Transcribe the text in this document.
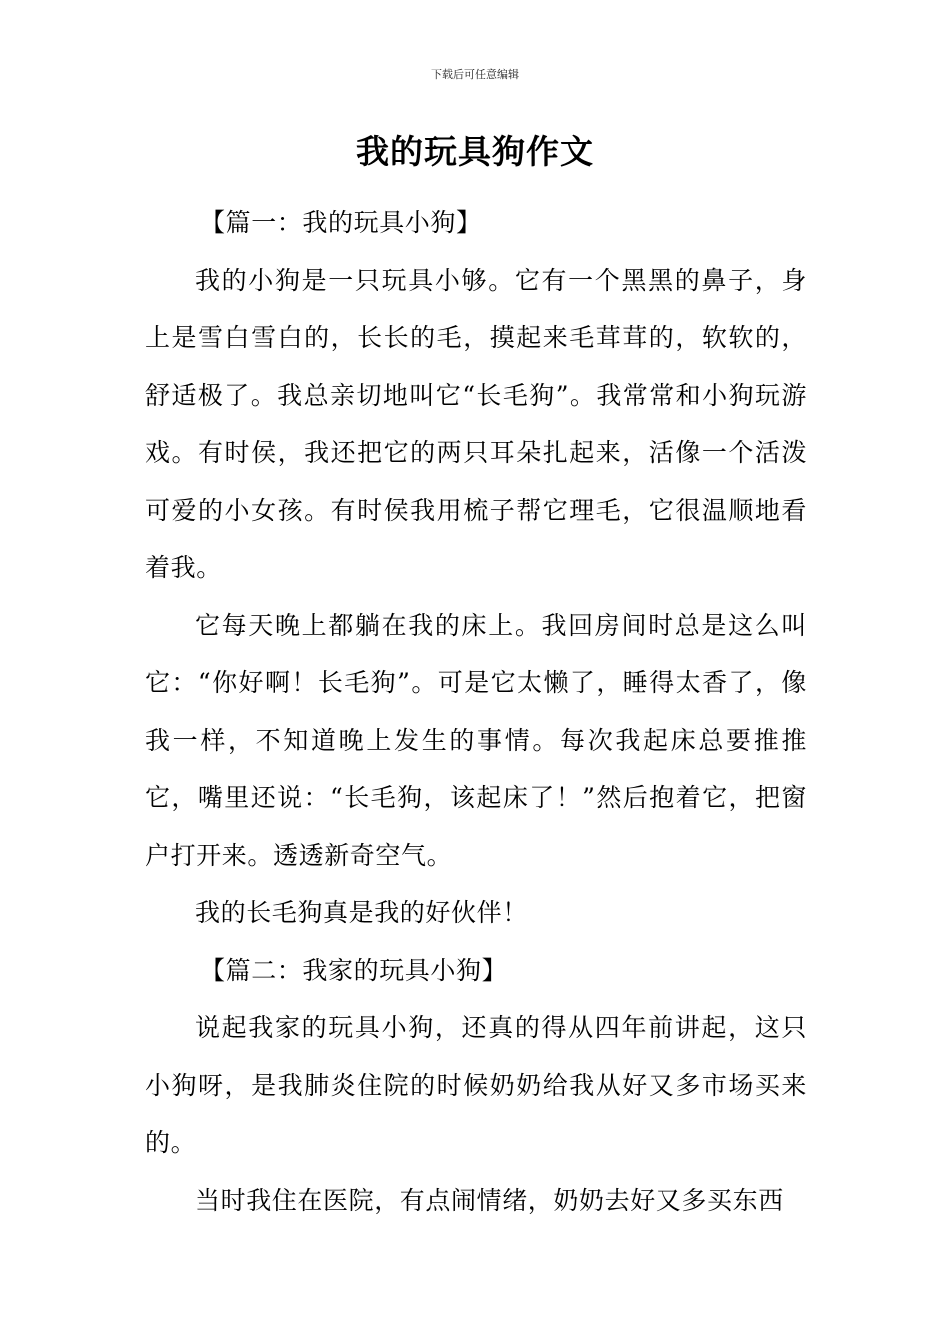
下载后可任意编辑
我的玩具狗作文

【篇一：我的玩具小狗】

我的小狗是一只玩具小够。它有一个黑黑的鼻子，身上是雪白雪白的，长长的毛，摸起来毛茸茸的，软软的，舒适极了。我总亲切地叫它“长毛狗”。我常常和小狗玩游戏。有时侯，我还把它的两只耳朵扎起来，活像一个活泼可爱的小女孩。有时侯我用梳子帮它理毛，它很温顺地看着我。

它每天晚上都躺在我的床上。我回房间时总是这么叫它：“你好啊！长毛狗”。可是它太懒了，睡得太香了，像我一样，不知道晚上发生的事情。每次我起床总要推推它，嘴里还说：“长毛狗，该起床了！”然后抱着它，把窗户打开来。透透新奇空气。

我的长毛狗真是我的好伙伴！

【篇二：我家的玩具小狗】

说起我家的玩具小狗，还真的得从四年前讲起，这只小狗呀，是我肺炎住院的时候奶奶给我从好又多市场买来的。

当时我住在医院，有点闹情绪，奶奶去好又多买东西
